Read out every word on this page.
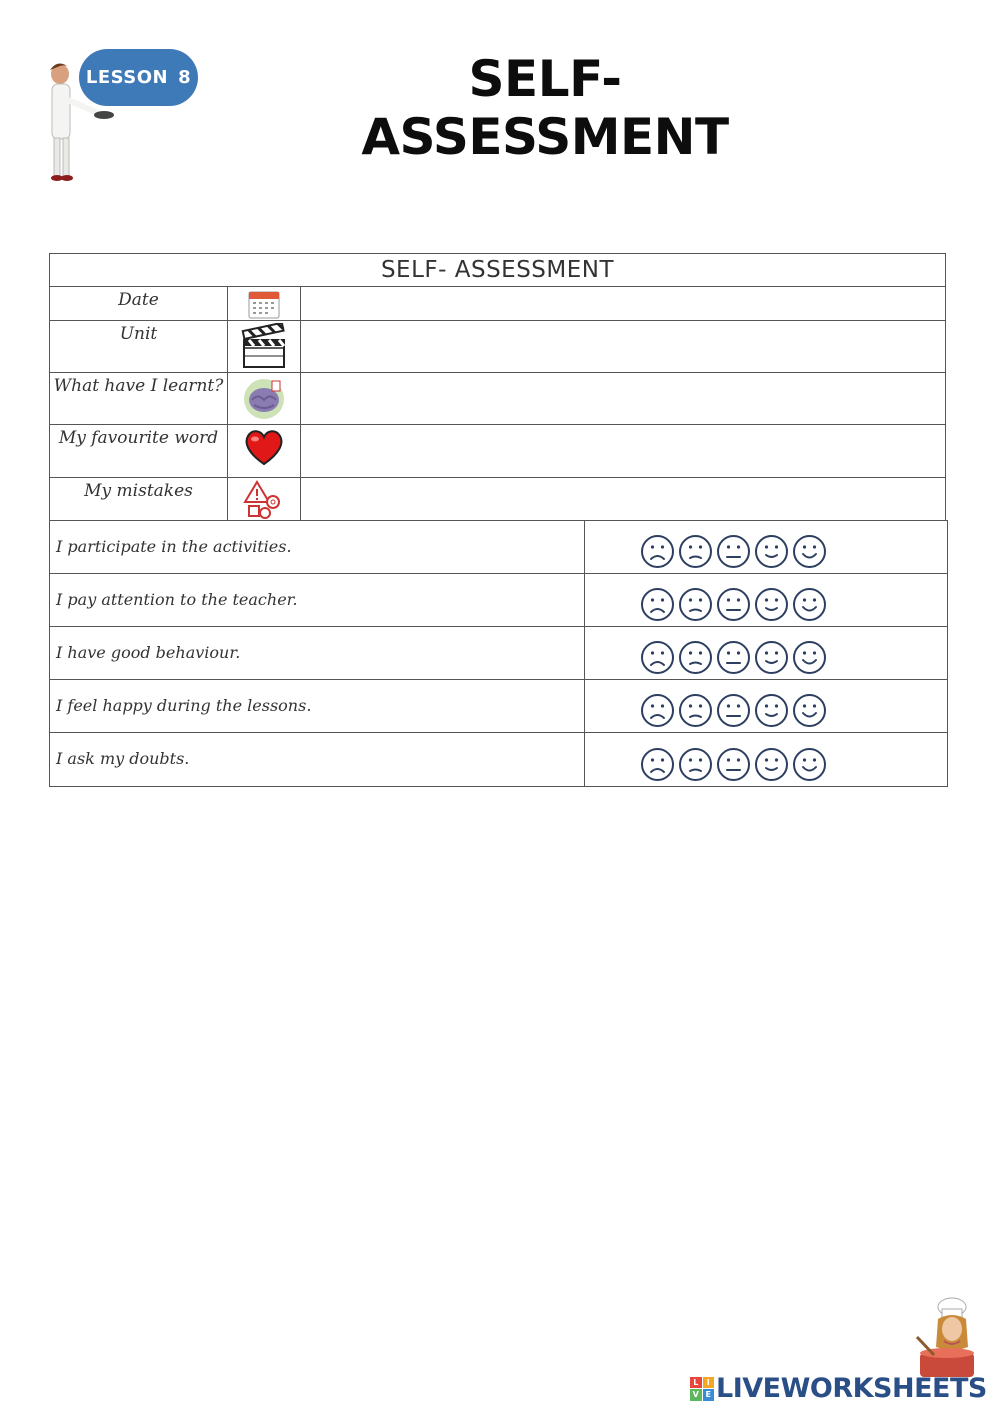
LESSON 8	SELF-ASSESSMENT
SELF- ASSESSMENT
Date
Unit
What have I learnt?
My favourite word
My mistakes
I participate in the activities.
I pay attention to the teacher.
I have good behaviour.
I feel happy during the lessons.
I ask my doubts.
L	I
V E LIVEWORKSHEETS
